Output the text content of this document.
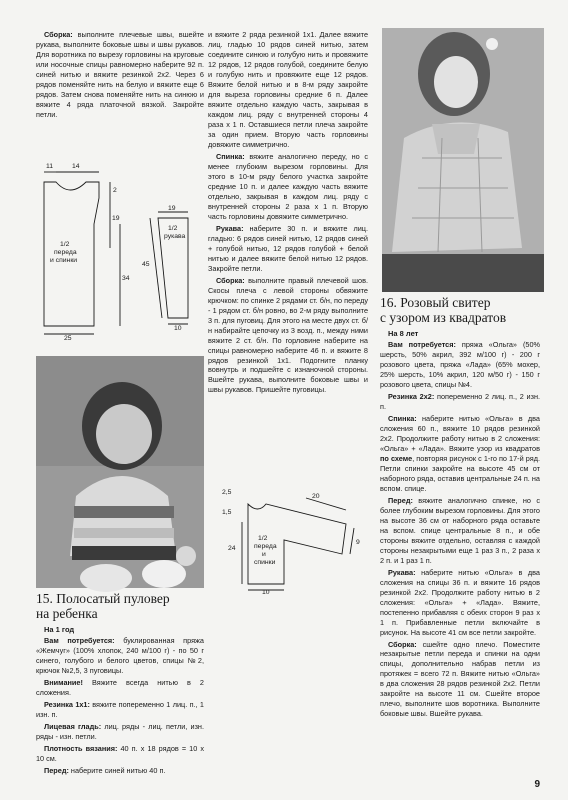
Сборка: выполните плечевые швы, вшейте рукава, выполните боковые швы и швы рукавов. Для воротника по вырезу горловины на круговые или носочные спицы равномерно наберите 92 п. синей нитью и вяжите резинкой 2х2. Через 6 рядов поменяйте нить на белую и вяжите еще 6 рядов. Затем снова поменяйте нить на синюю и вяжите 4 ряда платочной вязкой. Закройте петли.

11	14
2
19
1/2
переда
и спинки
34
25
19
1/2
рукава
45
10
15. Полосатый пуловер
на ребенка
На 1 год

Вам потребуется: буклированная пряжа «Жемчуг» (100% хлопок, 240 м/100 г) - по 50 г синего, голубого и белого цветов, спицы №2, крючок №2,5, 3 пуговицы.

Внимание! Вяжите всегда нитью в 2 сложения.

Резинка 1х1: вяжите попеременно 1 лиц. п., 1 изн. п.

Лицевая гладь: лиц. ряды - лиц. петли, изн. ряды - изн. петли.

Плотность вязания: 40 п. х 18 рядов = 10 х 10 см.

Перед: наберите синей нитью 40 п.

и вяжите 2 ряда резинкой 1х1. Далее вяжите лиц. гладью 10 рядов синей нитью, затем соедините синюю и голубую нить и провяжите 12 рядов, 12 рядов голубой, соедините белую и голубую нить и провяжите еще 12 рядов. Вяжите белой нитью и в 8-м ряду закройте для выреза горловины средние 6 п. Далее вяжите отдельно каждую часть, закрывая в каждом лиц. ряду с внутренней стороны 4 раза х 1 п. Оставшиеся петли плеча закройте за один прием. Вторую часть горловины довяжите симметрично.

Спинка: вяжите аналогично переду, но с менее глубоким вырезом горловины. Для этого в 10-м ряду белого участка закройте средние 10 п. и далее каждую часть вяжите отдельно, закрывая в каждом лиц. ряду с внутренней стороны 2 раза х 1 п. Вторую часть горловины довяжите симметрично.

Рукава: наберите 30 п. и вяжите лиц. гладью: 6 рядов синей нитью, 12 рядов синей + голубой нитью, 12 рядов голубой + белой нитью и далее вяжите белой нитью 12 рядов. Закройте петли.

Сборка: выполните правый плечевой шов. Скосы плеча с левой стороны обвяжите крючком: по спинке 2 рядами ст. б/н, по переду - 1 рядом ст. б/н ровно, во 2-м ряду выполните 3 п. для пуговиц. Для этого на месте двух ст. б/н набирайте цепочку из 3 возд. п., между ними вяжите 2 ст. б/н. По горловине наберите на спицы равномерно наберите 46 п. и вяжите 8 рядов резинкой 1х1. Подогните планку вовнутрь и подшейте с изнаночной стороны. Вшейте рукава, выполните боковые швы и швы рукавов. Пришейте пуговицы.

2,5
1,5
20
24
1/2
переда
и
спинки
9
10
16. Розовый свитер
с узором из квадратов
На 8 лет

Вам потребуется: пряжа «Ольга» (50% шерсть, 50% акрил, 392 м/100 г) - 200 г розового цвета, пряжа «Лада» (65% мохер, 25% шерсть, 10% акрил, 120 м/50 г) - 150 г розового цвета, спицы №4.

Резинка 2х2: попеременно 2 лиц. п., 2 изн. п.

Спинка: наберите нитью «Ольга» в два сложения 60 п., вяжите 10 рядов резинкой 2х2. Продолжите работу нитью в 2 сложения: «Ольга» + «Лада». Вяжите узор из квадратов по схеме, повторяя рисунок с 1-го по 17-й ряд. Петли спинки закройте на высоте 45 см от наборного ряда, оставив центральные 24 п. на вспом. спице.

Перед: вяжите аналогично спинке, но с более глубоким вырезом горловины. Для этого на высоте 36 см от наборного ряда оставьте на вспом. спице центральные 8 п., и обе стороны вяжите отдельно, оставляя с каждой стороны незакрытыми еще 1 раз 3 п., 2 раза х 2 п. и 1 раз 1 п.

Рукава: наберите нитью «Ольга» в два сложения на спицы 36 п. и вяжите 16 рядов резинкой 2х2. Продолжите работу нитью в 2 сложения: «Ольга» + «Лада». Вяжите, постепенно прибавляя с обеих сторон 9 раз х 1 п. Прибавленные петли включайте в рисунок. На высоте 41 см все петли закройте.

Сборка: сшейте одно плечо. Поместите незакрытые петли переда и спинки на одни спицы, дополнительно набрав петли из протяжек = всего 72 п. Вяжите нитью «Ольга» в два сложения 28 рядов резинкой 2х2. Петли закройте на высоте 11 см. Сшейте второе плечо, выполните шов воротника. Выполните боковые швы. Вшейте рукава.

9
